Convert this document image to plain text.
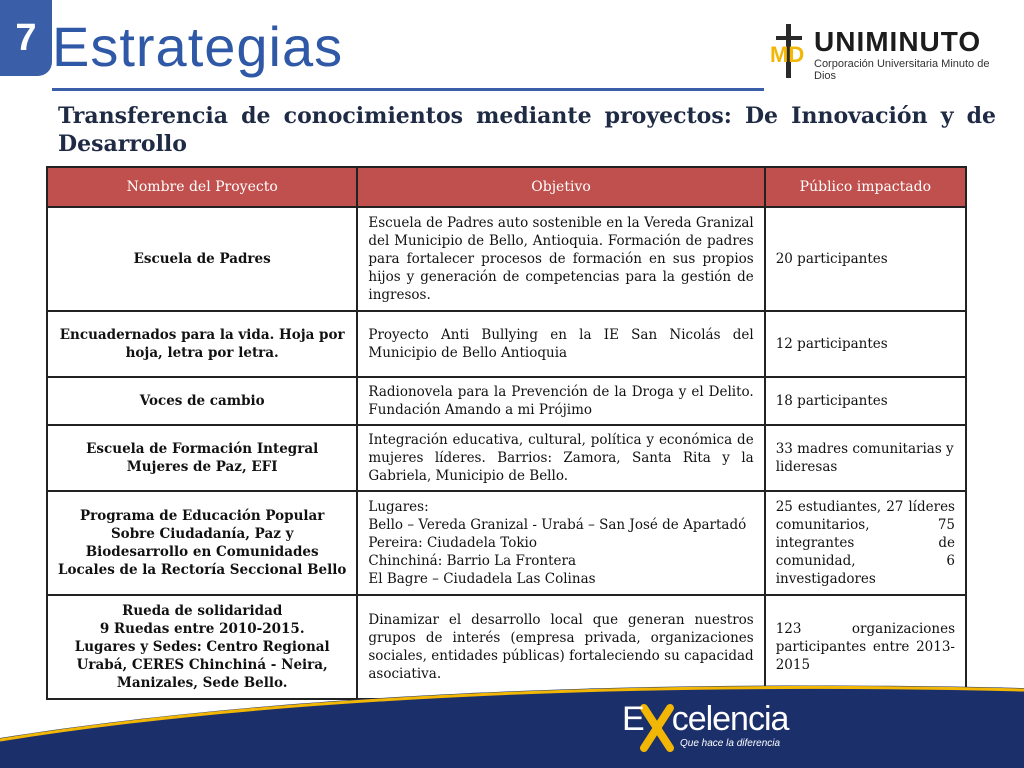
7 Estrategias	MD UNIMINUTO
Corporación Universitaria Minuto de Dios
Transferencia de conocimientos mediante proyectos: De Innovación y de Desarrollo
Nombre del Proyecto	Objetivo	Público impactado
Escuela de Padres	Escuela de Padres auto sostenible en la Vereda Granizal del Municipio de Bello, Antioquia. Formación de padres para fortalecer procesos de formación en sus propios hijos y generación de competencias para la gestión de ingresos.	20 participantes
Encuadernados para la vida. Hoja por hoja, letra por letra.	Proyecto Anti Bullying en la IE San Nicolás del Municipio de Bello Antioquia	12 participantes
Voces de cambio	Radionovela para la Prevención de la Droga y el Delito. Fundación Amando a mi Prójimo	18 participantes
Escuela de Formación Integral Mujeres de Paz, EFI	Integración educativa, cultural, política y económica de mujeres líderes. Barrios: Zamora, Santa Rita y la Gabriela, Municipio de Bello.	33 madres comunitarias y lideresas
Programa de Educación Popular Sobre Ciudadanía, Paz y Biodesarrollo en Comunidades Locales de la Rectoría Seccional Bello	Lugares:
Bello – Vereda Granizal - Urabá – San José de Apartadó
Pereira: Ciudadela Tokio
Chinchiná: Barrio La Frontera
El Bagre – Ciudadela Las Colinas	25 estudiantes, 27 líderes comunitarios, 75 integrantes de comunidad, 6 investigadores

Rueda de solidaridad
9 Ruedas entre 2010-2015.
Lugares y Sedes: Centro Regional Urabá, CERES Chinchiná - Neira, Manizales, Sede Bello.	Dinamizar el desarrollo local que generan nuestros grupos de interés (empresa privada, organizaciones sociales, entidades públicas) fortaleciendo su capacidad asociativa.	123 organizaciones participantes entre 2013-2015
E celencia
Que hace la diferencia
